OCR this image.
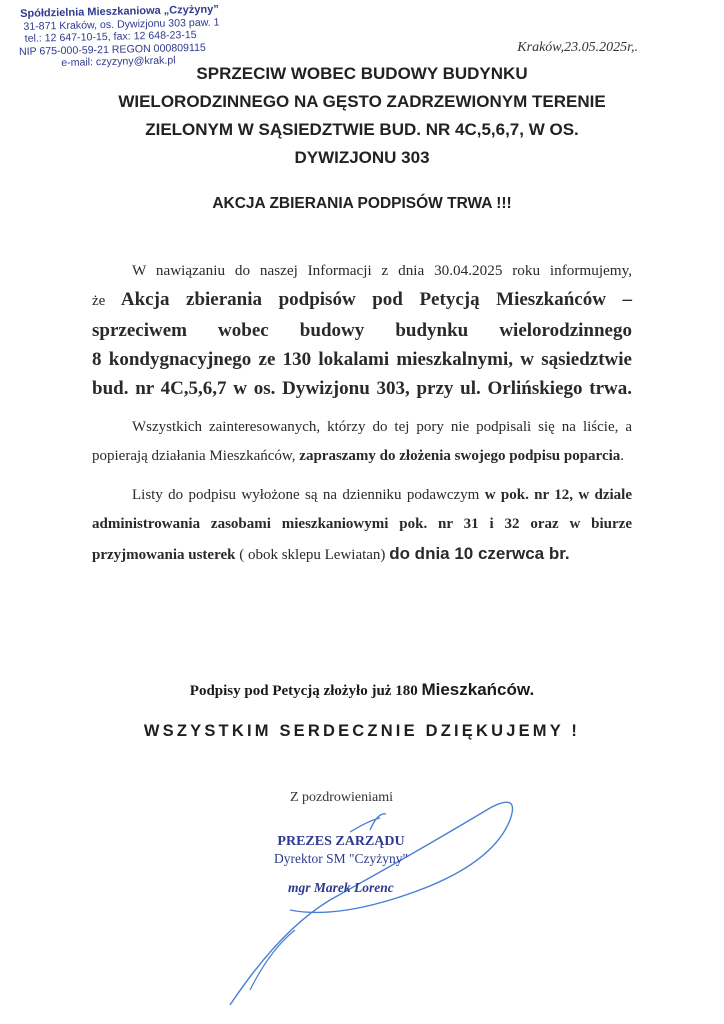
Spółdzielnia Mieszkaniowa „Czyżyny”
31-871 Kraków, os. Dywizjonu 303 paw. 1
tel.: 12 647-10-15, fax: 12 648-23-15
NIP 675-000-59-21 REGON 000809115
e-mail: czyzyny@krak.pl
Kraków,23.05.2025r,.
SPRZECIW WOBEC BUDOWY BUDYNKU
WIELORODZINNEGO NA GĘSTO ZADRZEWIONYM TERENIE
ZIELONYM W SĄSIEDZTWIE BUD. NR 4C,5,6,7, W OS.
DYWIZJONU 303
AKCJA ZBIERANIA PODPISÓW TRWA !!!

W nawiązaniu do naszej Informacji z dnia 30.04.2025 roku informujemy,
że Akcja zbierania podpisów pod Petycją Mieszkańców –
sprzeciwem wobec budowy budynku wielorodzinnego
8 kondygnacyjnego ze 130 lokalami mieszkalnymi, w sąsiedztwie
bud. nr 4C,5,6,7 w os. Dywizjonu 303, przy ul. Orlińskiego trwa.

Wszystkich zainteresowanych, którzy do tej pory nie podpisali się na liście, a popierają działania Mieszkańców, zapraszamy do złożenia swojego podpisu poparcia.

Listy do podpisu wyłożone są na dzienniku podawczym w pok. nr 12, w dziale administrowania zasobami mieszkaniowymi pok. nr 31 i 32 oraz w biurze przyjmowania usterek ( obok sklepu Lewiatan) do dnia 10 czerwca br.

Podpisy pod Petycją złożyło już 180 Mieszkańców.
WSZYSTKIM SERDECZNIE DZIĘKUJEMY !
Z pozdrowieniami
PREZES ZARZĄDU
Dyrektor SM "Czyżyny"
mgr Marek Lorenc
